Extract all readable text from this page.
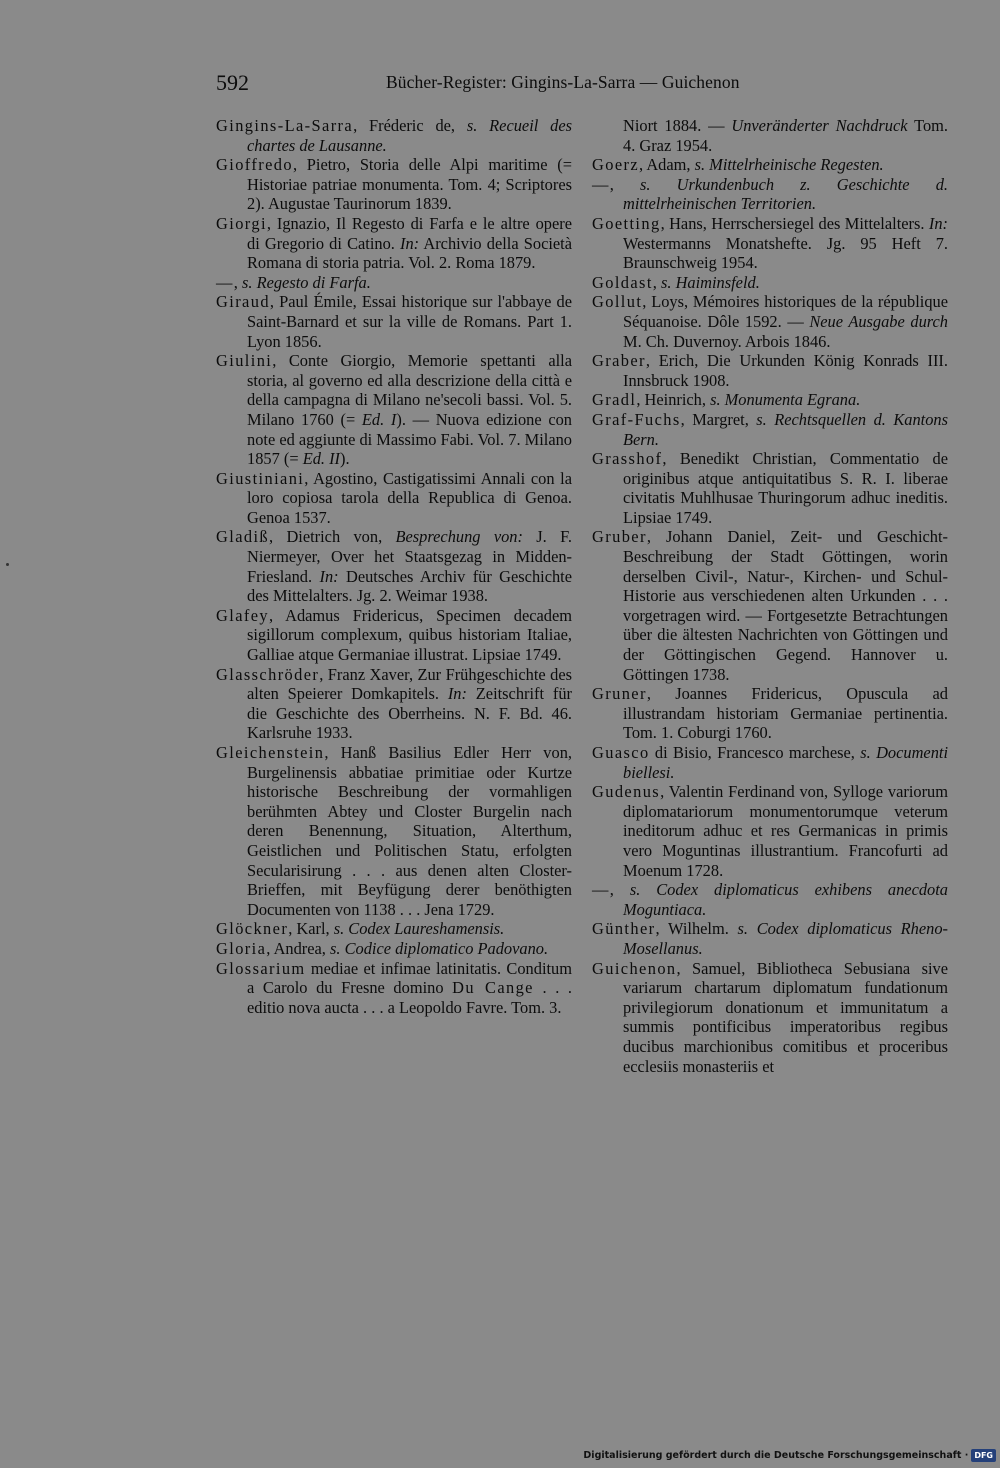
592	Bücher-Register: Gingins-La-Sarra — Guichenon
Gingins-La-Sarra, Fréderic de, s. Recueil des chartes de Lausanne.
Gioffredo, Pietro, Storia delle Alpi maritime (= Historiae patriae monumenta. Tom. 4; Scriptores 2). Augustae Taurinorum 1839.
Giorgi, Ignazio, Il Regesto di Farfa e le altre opere di Gregorio di Catino. In: Archivio della Società Romana di storia patria. Vol. 2. Roma 1879.
—, s. Regesto di Farfa.
Giraud, Paul Émile, Essai historique sur l'abbaye de Saint-Barnard et sur la ville de Romans. Part 1. Lyon 1856.
Giulini, Conte Giorgio, Memorie spettanti alla storia, al governo ed alla descrizione della città e della campagna di Milano ne'secoli bassi. Vol. 5. Milano 1760 (= Ed. I). — Nuova edizione con note ed aggiunte di Massimo Fabi. Vol. 7. Milano 1857 (= Ed. II).
Giustiniani, Agostino, Castigatissimi Annali con la loro copiosa tarola della Republica di Genoa. Genoa 1537.
Gladiß, Dietrich von, Besprechung von: J. F. Niermeyer, Over het Staatsgezag in Midden-Friesland. In: Deutsches Archiv für Geschichte des Mittelalters. Jg. 2. Weimar 1938.
Glafey, Adamus Fridericus, Specimen decadem sigillorum complexum, quibus historiam Italiae, Galliae atque Germaniae illustrat. Lipsiae 1749.
Glasschröder, Franz Xaver, Zur Frühgeschichte des alten Speierer Domkapitels. In: Zeitschrift für die Geschichte des Oberrheins. N. F. Bd. 46. Karlsruhe 1933.
Gleichenstein, Hanß Basilius Edler Herr von, Burgelinensis abbatiae primitiae oder Kurtze historische Beschreibung der vormahligen berühmten Abtey und Closter Burgelin nach deren Benennung, Situation, Alterthum, Geistlichen und Politischen Statu, erfolgten Secularisirung . . . aus denen alten Closter-Brieffen, mit Beyfügung derer benöthigten Documenten von 1138 . . . Jena 1729.
Glöckner, Karl, s. Codex Laureshamensis.
Gloria, Andrea, s. Codice diplomatico Padovano.
Glossarium mediae et infimae latinitatis. Conditum a Carolo du Fresne domino Du Cange . . . editio nova aucta . . . a Leopoldo Favre. Tom. 3.
Niort 1884. — Unveränderter Nachdruck Tom. 4. Graz 1954.
Goerz, Adam, s. Mittelrheinische Regesten.
—, s. Urkundenbuch z. Geschichte d. mittelrheinischen Territorien.
Goetting, Hans, Herrschersiegel des Mittelalters. In: Westermanns Monatshefte. Jg. 95 Heft 7. Braunschweig 1954.
Goldast, s. Haiminsfeld.
Gollut, Loys, Mémoires historiques de la république Séquanoise. Dôle 1592. — Neue Ausgabe durch M. Ch. Duvernoy. Arbois 1846.
Graber, Erich, Die Urkunden König Konrads III. Innsbruck 1908.
Gradl, Heinrich, s. Monumenta Egrana.
Graf-Fuchs, Margret, s. Rechtsquellen d. Kantons Bern.
Grasshof, Benedikt Christian, Commentatio de originibus atque antiquitatibus S. R. I. liberae civitatis Muhlhusae Thuringorum adhuc ineditis. Lipsiae 1749.
Gruber, Johann Daniel, Zeit- und Geschicht-Beschreibung der Stadt Göttingen, worin derselben Civil-, Natur-, Kirchen- und Schul-Historie aus verschiedenen alten Urkunden . . . vorgetragen wird. — Fortgesetzte Betrachtungen über die ältesten Nachrichten von Göttingen und der Göttingischen Gegend. Hannover u. Göttingen 1738.
Gruner, Joannes Fridericus, Opuscula ad illustrandam historiam Germaniae pertinentia. Tom. 1. Coburgi 1760.
Guasco di Bisio, Francesco marchese, s. Documenti biellesi.
Gudenus, Valentin Ferdinand von, Sylloge variorum diplomatariorum monumentorumque veterum ineditorum adhuc et res Germanicas in primis vero Moguntinas illustrantium. Francofurti ad Moenum 1728.
—, s. Codex diplomaticus exhibens anecdota Moguntiaca.
Günther, Wilhelm. s. Codex diplomaticus Rheno-Mosellanus.
Guichenon, Samuel, Bibliotheca Sebusiana sive variarum chartarum diplomatum fundationum privilegiorum donationum et immunitatum a summis pontificibus imperatoribus regibus ducibus marchionibus comitibus et proceribus ecclesiis monasteriis et
Digitalisierung gefördert durch die Deutsche Forschungsgemeinschaft · DFG
